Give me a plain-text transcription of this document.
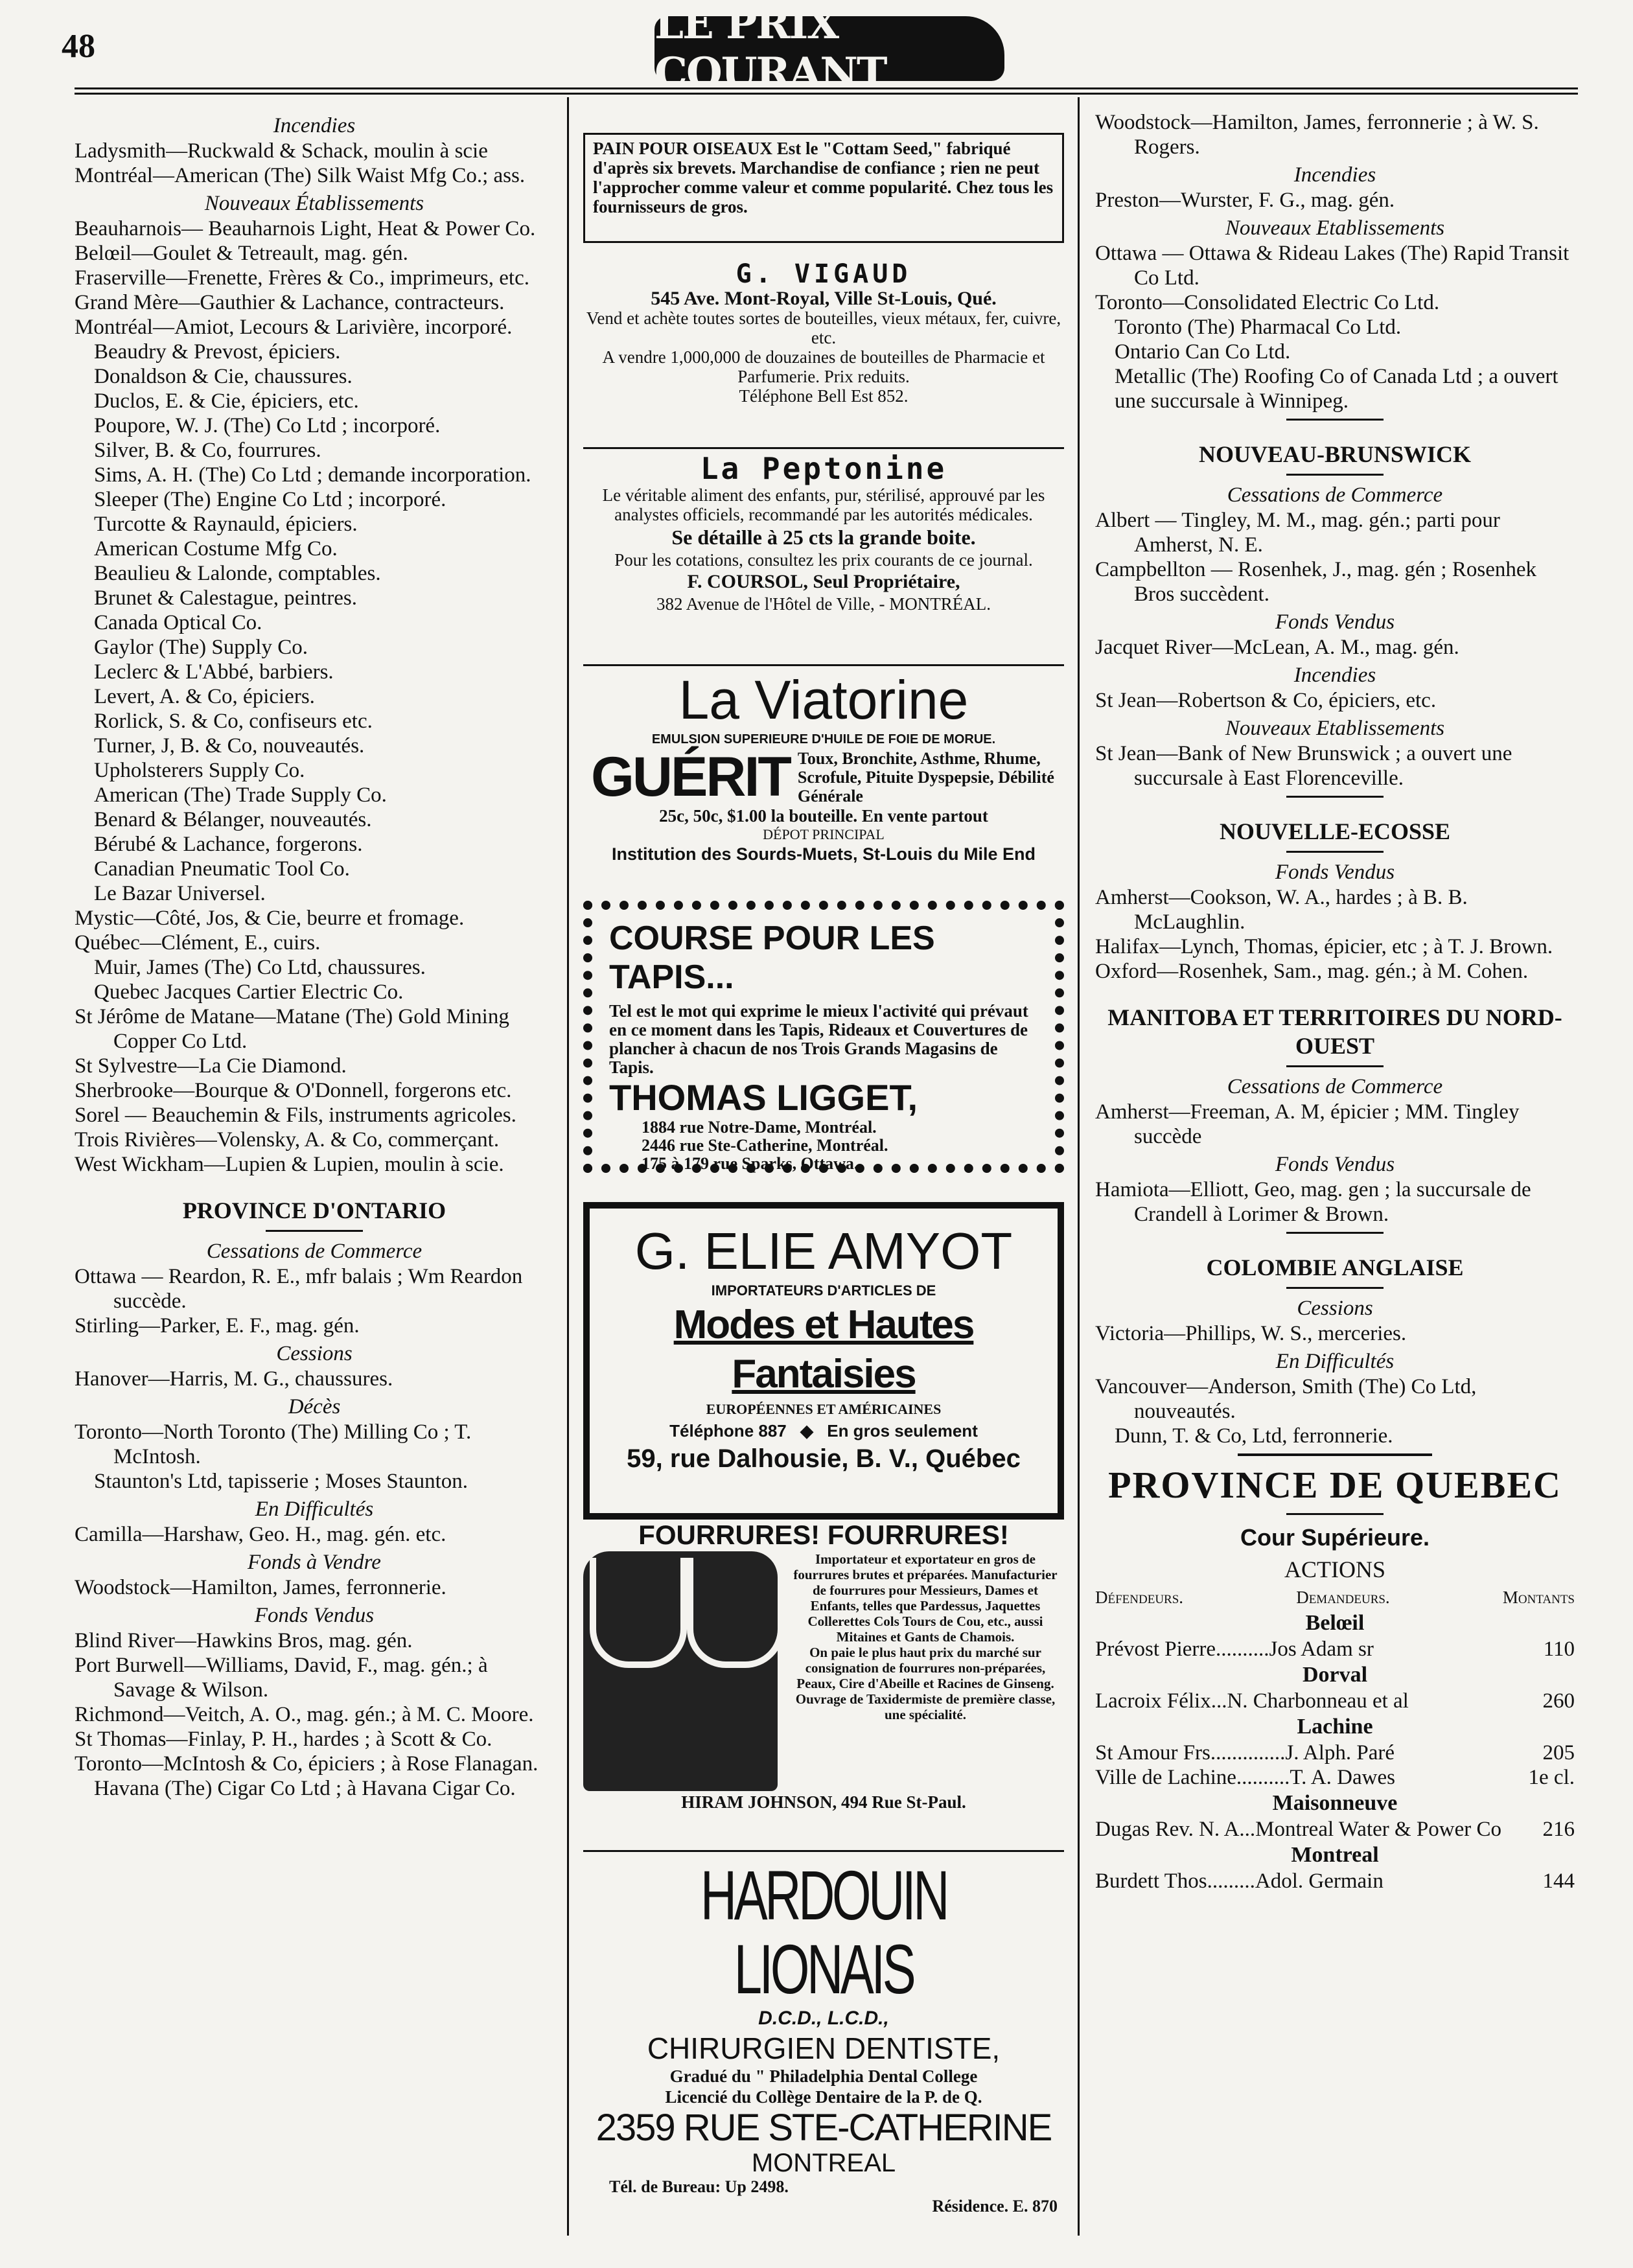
48	LE PRIX COURANT

Incendies

Ladysmith—Ruckwald & Schack, moulin à scie

Montréal—American (The) Silk Waist Mfg Co.; ass.

Nouveaux Établissements

Beauharnois— Beauharnois Light, Heat & Power Co.

Belœil—Goulet & Tetreault, mag. gén.

Fraserville—Frenette, Frères & Co., imprimeurs, etc.

Grand Mère—Gauthier & Lachance, contracteurs.

Montréal—Amiot, Lecours & Larivière, incorporé.

Beaudry & Prevost, épiciers.

Donaldson & Cie, chaussures.

Duclos, E. & Cie, épiciers, etc.

Poupore, W. J. (The) Co Ltd ; incorporé.

Silver, B. & Co, fourrures.

Sims, A. H. (The) Co Ltd ; demande incorporation.

Sleeper (The) Engine Co Ltd ; incorporé.

Turcotte & Raynauld, épiciers.

American Costume Mfg Co.

Beaulieu & Lalonde, comptables.

Brunet & Calestague, peintres.

Canada Optical Co.

Gaylor (The) Supply Co.

Leclerc & L'Abbé, barbiers.

Levert, A. & Co, épiciers.

Rorlick, S. & Co, confiseurs etc.

Turner, J, B. & Co, nouveautés.

Upholsterers Supply Co.

American (The) Trade Supply Co.

Benard & Bélanger, nouveautés.

Bérubé & Lachance, forgerons.

Canadian Pneumatic Tool Co.

Le Bazar Universel.

Mystic—Côté, Jos, & Cie, beurre et fromage.

Québec—Clément, E., cuirs.

Muir, James (The) Co Ltd, chaussures.

Quebec Jacques Cartier Electric Co.

St Jérôme de Matane—Matane (The) Gold Mining Copper Co Ltd.

St Sylvestre—La Cie Diamond.

Sherbrooke—Bourque & O'Donnell, forgerons etc.

Sorel — Beauchemin & Fils, instruments agricoles.

Trois Rivières—Volensky, A. & Co, commerçant.

West Wickham—Lupien & Lupien, moulin à scie.

PROVINCE D'ONTARIO

Cessations de Commerce

Ottawa — Reardon, R. E., mfr balais ; Wm Reardon succède.

Stirling—Parker, E. F., mag. gén.

Cessions

Hanover—Harris, M. G., chaussures.

Décès

Toronto—North Toronto (The) Milling Co ; T. McIntosh.

Staunton's Ltd, tapisserie ; Moses Staunton.

En Difficultés

Camilla—Harshaw, Geo. H., mag. gén. etc.

Fonds à Vendre

Woodstock—Hamilton, James, ferronnerie.

Fonds Vendus

Blind River—Hawkins Bros, mag. gén.

Port Burwell—Williams, David, F., mag. gén.; à Savage & Wilson.

Richmond—Veitch, A. O., mag. gén.; à M. C. Moore.

St Thomas—Finlay, P. H., hardes ; à Scott & Co.

Toronto—McIntosh & Co, épiciers ; à Rose Flanagan.

Havana (The) Cigar Co Ltd ; à Havana Cigar Co.

Woodstock—Hamilton, James, ferronnerie ; à W. S. Rogers.

Incendies

Preston—Wurster, F. G., mag. gén.

Nouveaux Etablissements

Ottawa — Ottawa & Rideau Lakes (The) Rapid Transit Co Ltd.

Toronto—Consolidated Electric Co Ltd.

Toronto (The) Pharmacal Co Ltd.

Ontario Can Co Ltd.

Metallic (The) Roofing Co of Canada Ltd ; a ouvert une succursale à Winnipeg.

NOUVEAU-BRUNSWICK

Cessations de Commerce

Albert — Tingley, M. M., mag. gén.; parti pour Amherst, N. E.

Campbellton — Rosenhek, J., mag. gén ; Rosenhek Bros succèdent.

Fonds Vendus

Jacquet River—McLean, A. M., mag. gén.

Incendies

St Jean—Robertson & Co, épiciers, etc.

Nouveaux Etablissements

St Jean—Bank of New Brunswick ; a ouvert une succursale à East Florenceville.

NOUVELLE-ECOSSE

Fonds Vendus

Amherst—Cookson, W. A., hardes ; à B. B. McLaughlin.

Halifax—Lynch, Thomas, épicier, etc ; à T. J. Brown.

Oxford—Rosenhek, Sam., mag. gén.; à M. Cohen.

MANITOBA ET TERRITOIRES DU NORD-OUEST

Cessations de Commerce

Amherst—Freeman, A. M, épicier ; MM. Tingley succède

Fonds Vendus

Hamiota—Elliott, Geo, mag. gen ; la succursale de Crandell à Lorimer & Brown.

COLOMBIE ANGLAISE

Cessions

Victoria—Phillips, W. S., merceries.

En Difficultés

Vancouver—Anderson, Smith (The) Co Ltd, nouveautés.

Dunn, T. & Co, Ltd, ferronnerie.

PROVINCE DE QUEBEC
Cour Supérieure.
ACTIONS
Défendeurs.	Demandeurs.	Montants
Belœil
Prévost Pierre..........Jos Adam sr	110
Dorval
Lacroix Félix...N. Charbonneau et al	260
Lachine
St Amour Frs..............J. Alph. Paré	205
Ville de Lachine..........T. A. Dawes	1e cl.
Maisonneuve
Dugas Rev. N. A...Montreal Water & Power Co 216
Montreal
Burdett Thos.........Adol. Germain	144
PAIN POUR OISEAUX Est le "Cottam Seed," fabriqué d'après six brevets. Marchandise de confiance ; rien ne peut l'approcher comme valeur et comme popularité. Chez tous les fournisseurs de gros.
G. VIGAUD
545 Ave. Mont-Royal, Ville St-Louis, Qué.
Vend et achète toutes sortes de bouteilles, vieux métaux, fer, cuivre, etc.
A vendre 1,000,000 de douzaines de bouteilles de Pharmacie et Parfumerie. Prix reduits.
Téléphone Bell Est 852.
La Peptonine
Le véritable aliment des enfants, pur, stérilisé, approuvé par les analystes officiels, recommandé par les autorités médicales.
Se détaille à 25 cts la grande boite.
Pour les cotations, consultez les prix courants de ce journal.
F. COURSOL, Seul Propriétaire,
382 Avenue de l'Hôtel de Ville, - MONTRÉAL.
La Viatorine
EMULSION SUPERIEURE D'HUILE DE FOIE DE MORUE.
GUÉRIT Toux, Bronchite, Asthme, Rhume, Scrofule, Pituite Dyspepsie, Débilité Générale
25c, 50c, $1.00 la bouteille. En vente partout
DÉPOT PRINCIPAL
Institution des Sourds-Muets, St-Louis du Mile End
COURSE POUR LES TAPIS...
Tel est le mot qui exprime le mieux l'activité qui prévaut en ce moment dans les Tapis, Rideaux et Couvertures de plancher à chacun de nos Trois Grands Magasins de Tapis.
THOMAS LIGGET,
1884 rue Notre-Dame, Montréal.
2446 rue Ste-Catherine, Montréal.
175 à 179 rue Sparks, Ottawa.
G. ELIE AMYOT
IMPORTATEURS D'ARTICLES DE
Modes et Hautes Fantaisies
EUROPÉENNES ET AMÉRICAINES
Téléphone 887 ◆ En gros seulement
59, rue Dalhousie, B. V., Québec
FOURRURES! FOURRURES!
Importateur et exportateur en gros de fourrures brutes et préparées. Manufacturier de fourrures pour Messieurs, Dames et Enfants, telles que Pardessus, Jaquettes Collerettes Cols Tours de Cou, etc., aussi Mitaines et Gants de Chamois.
On paie le plus haut prix du marché sur consignation de fourrures non-préparées, Peaux, Cire d'Abeille et Racines de Ginseng.
Ouvrage de Taxidermiste de première classe, une spécialité.
HIRAM JOHNSON, 494 Rue St-Paul.
HARDOUIN LIONAIS
D.C.D., L.C.D.,
CHIRURGIEN DENTISTE,
Gradué du " Philadelphia Dental College
Licencié du Collège Dentaire de la P. de Q.
2359 RUE STE-CATHERINE
MONTREAL
Tél. de Bureau: Up 2498.
Résidence. E. 870
